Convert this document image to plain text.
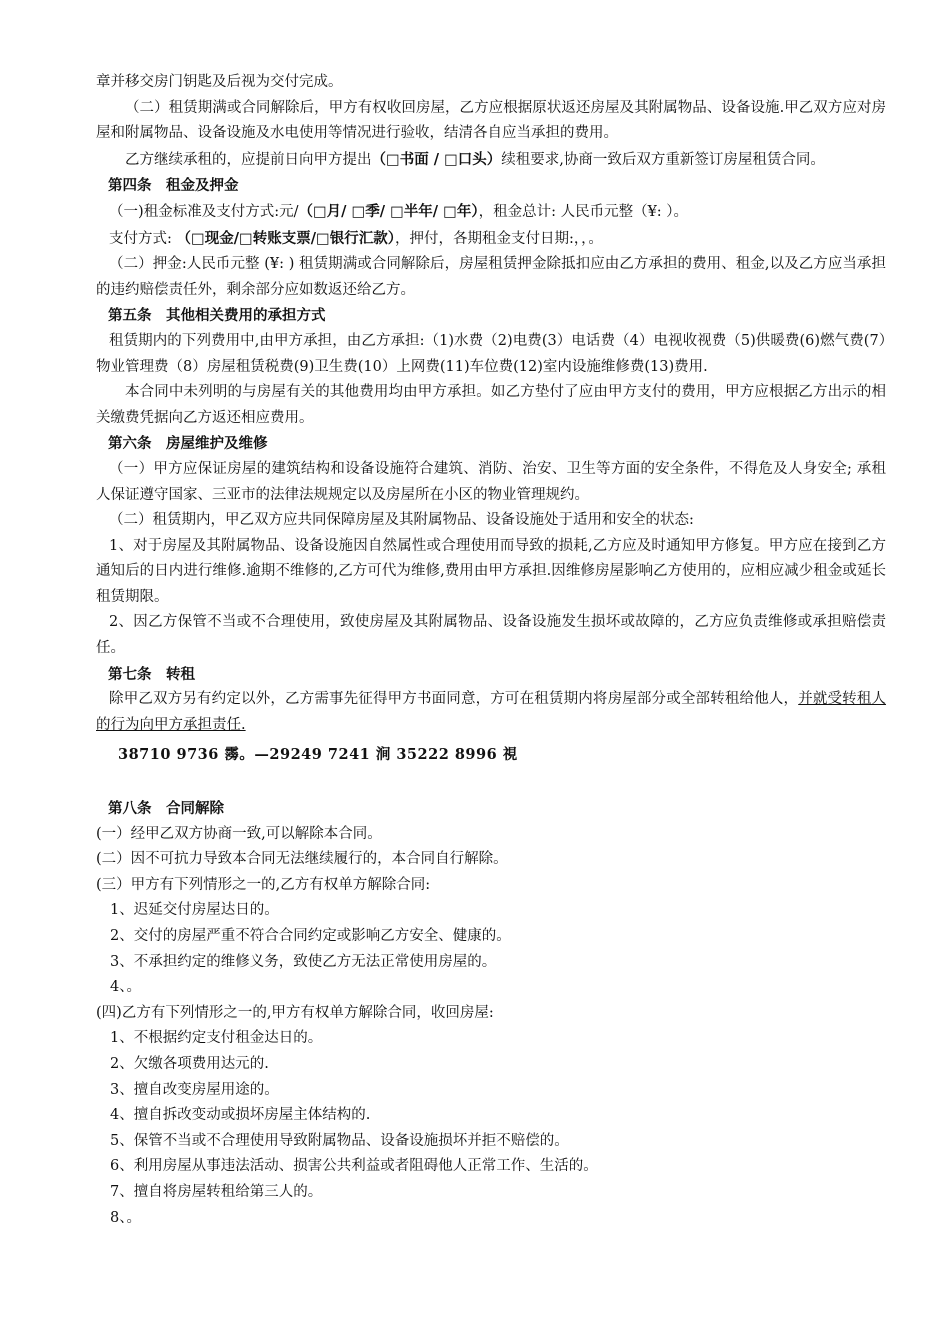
章并移交房门钥匙及后视为交付完成。

（二）租赁期满或合同解除后，甲方有权收回房屋，乙方应根据原状返还房屋及其附属物品、设备设施.甲乙双方应对房屋和附属物品、设备设施及水电使用等情况进行验收，结清各自应当承担的费用。

乙方继续承租的，应提前日向甲方提出（□书面 / □口头）续租要求,协商一致后双方重新签订房屋租赁合同。

第四条　租金及押金

（一)租金标准及支付方式:元/（□月/ □季/ □半年/ □年），租金总计: 人民币元整（¥: ）。

支付方式: （□现金/□转账支票/□银行汇款），押付，各期租金支付日期:，，。

（二）押金:人民币元整 (¥: ) 租赁期满或合同解除后，房屋租赁押金除抵扣应由乙方承担的费用、租金,以及乙方应当承担的违约赔偿责任外，剩余部分应如数返还给乙方。

第五条　其他相关费用的承担方式

租赁期内的下列费用中,由甲方承担，由乙方承担:（1)水费（2)电费(3）电话费（4）电视收视费（5)供暖费(6)燃气费(7）物业管理费（8）房屋租赁税费(9)卫生费(10）上网费(11)车位费(12)室内设施维修费(13)费用.

本合同中未列明的与房屋有关的其他费用均由甲方承担。如乙方垫付了应由甲方支付的费用，甲方应根据乙方出示的相关缴费凭据向乙方返还相应费用。

第六条　房屋维护及维修

（一）甲方应保证房屋的建筑结构和设备设施符合建筑、消防、治安、卫生等方面的安全条件，不得危及人身安全; 承租人保证遵守国家、三亚市的法律法规规定以及房屋所在小区的物业管理规约。

（二）租赁期内，甲乙双方应共同保障房屋及其附属物品、设备设施处于适用和安全的状态:

1、对于房屋及其附属物品、设备设施因自然属性或合理使用而导致的损耗,乙方应及时通知甲方修复。甲方应在接到乙方通知后的日内进行维修.逾期不维修的,乙方可代为维修,费用由甲方承担.因维修房屋影响乙方使用的，应相应减少租金或延长租赁期限。

2、因乙方保管不当或不合理使用，致使房屋及其附属物品、设备设施发生损坏或故障的，乙方应负责维修或承担赔偿责任。

第七条　转租

除甲乙双方另有约定以外，乙方需事先征得甲方书面同意，方可在租赁期内将房屋部分或全部转租给他人，并就受转租人的行为向甲方承担责任.

38710 9736 霶。—29249 7241 涧 35222 8996 視

第八条　合同解除

(一）经甲乙双方协商一致,可以解除本合同。

(二）因不可抗力导致本合同无法继续履行的，本合同自行解除。

(三）甲方有下列情形之一的,乙方有权单方解除合同:

1、迟延交付房屋达日的。

2、交付的房屋严重不符合合同约定或影响乙方安全、健康的。

3、不承担约定的维修义务，致使乙方无法正常使用房屋的。

4、。

(四)乙方有下列情形之一的,甲方有权单方解除合同，收回房屋:

1、不根据约定支付租金达日的。

2、欠缴各项费用达元的.

3、擅自改变房屋用途的。

4、擅自拆改变动或损坏房屋主体结构的.

5、保管不当或不合理使用导致附属物品、设备设施损坏并拒不赔偿的。

6、利用房屋从事违法活动、损害公共利益或者阻碍他人正常工作、生活的。

7、擅自将房屋转租给第三人的。

8、。
